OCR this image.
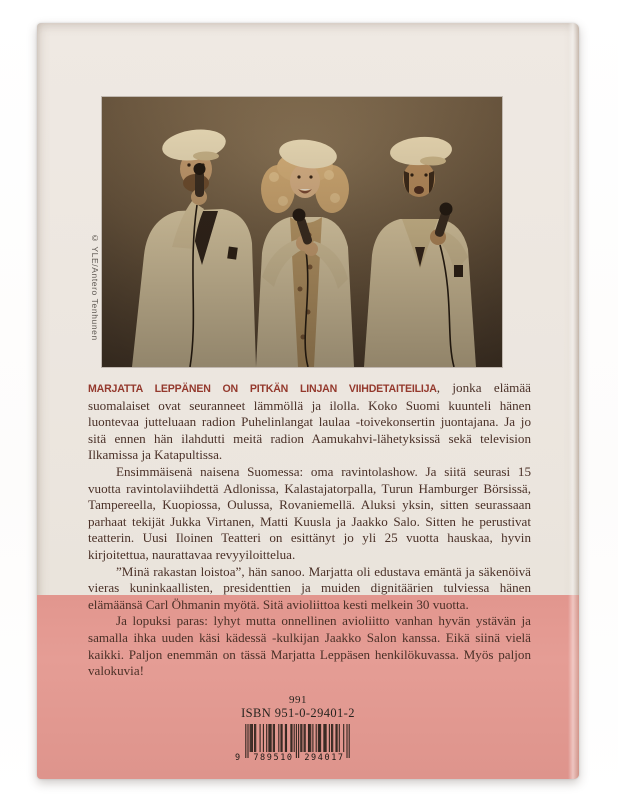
© YLE/Antero Tenhunen

MARJATTA LEPPÄNEN ON PITKÄN LINJAN VIIHDETAITEILIJA, jonka elämää suomalaiset ovat seuranneet lämmöllä ja ilolla. Koko Suomi kuunteli hänen luontevaa jutteluaan radion Puhelinlangat laulaa -toivekonsertin juontajana. Ja jo sitä ennen hän ilahdutti meitä radion Aamukahvi-lähetyksissä sekä television Ilkamissa ja Katapultissa.

Ensimmäisenä naisena Suomessa: oma ravintolashow. Ja siitä seurasi 15 vuotta ravintolaviihdettä Adlonissa, Kalastajatorpalla, Turun Hamburger Börsissä, Tampereella, Kuopiossa, Oulussa, Rovaniemellä. Aluksi yksin, sitten seurassaan parhaat tekijät Jukka Virtanen, Matti Kuusla ja Jaakko Salo. Sitten he perustivat teatterin. Uusi Iloinen Teatteri on esittänyt jo yli 25 vuotta hauskaa, hyvin kirjoitettua, naurattavaa revyyiloittelua.

”Minä rakastan loistoa”, hän sanoo. Marjatta oli edustava emäntä ja säkenöivä vieras kuninkaallisten, presidenttien ja muiden dignitäärien tulviessa hänen elämäänsä Carl Öhmanin myötä. Sitä avioliittoa kesti melkein 30 vuotta.

Ja lopuksi paras: lyhyt mutta onnellinen avioliitto vanhan hyvän ystävän ja samalla ihka uuden käsi kädessä -kulkijan Jaakko Salon kanssa. Eikä siinä vielä kaikki. Paljon enemmän on tässä Marjatta Leppäsen henkilökuvassa. Myös paljon valokuvia!

991
ISBN 951-0-29401-2
9 789510 294017
